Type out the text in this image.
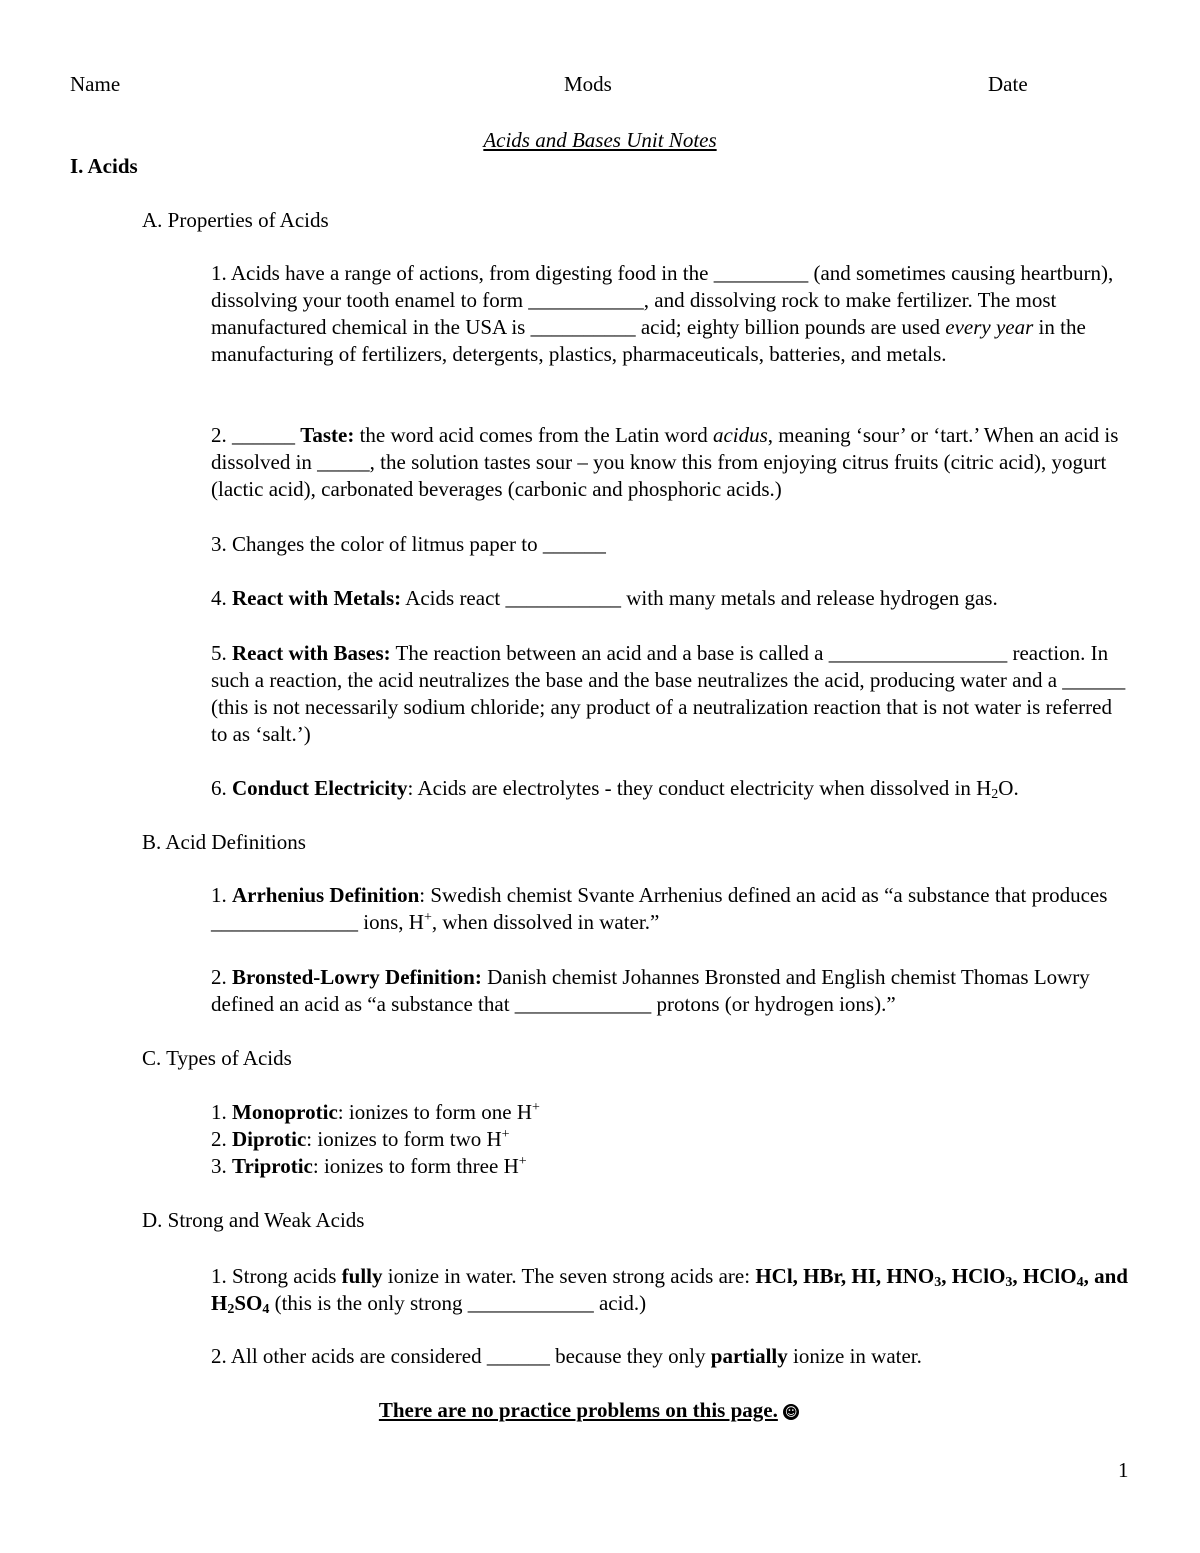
Name	Mods	Date
Acids and Bases Unit Notes
I. Acids
A. Properties of Acids
1. Acids have a range of actions, from digesting food in the _________ (and sometimes causing heartburn), dissolving your tooth enamel to form ___________, and dissolving rock to make fertilizer. The most manufactured chemical in the USA is __________ acid; eighty billion pounds are used every year in the manufacturing of fertilizers, detergents, plastics, pharmaceuticals, batteries, and metals.
2. ______ Taste: the word acid comes from the Latin word acidus, meaning ‘sour’ or ‘tart.’ When an acid is dissolved in _____, the solution tastes sour – you know this from enjoying citrus fruits (citric acid), yogurt (lactic acid), carbonated beverages (carbonic and phosphoric acids.)
3. Changes the color of litmus paper to ______
4. React with Metals: Acids react ___________ with many metals and release hydrogen gas.
5. React with Bases: The reaction between an acid and a base is called a _________________ reaction. In such a reaction, the acid neutralizes the base and the base neutralizes the acid, producing water and a ______ (this is not necessarily sodium chloride; any product of a neutralization reaction that is not water is referred to as ‘salt.’)
6. Conduct Electricity: Acids are electrolytes - they conduct electricity when dissolved in $H_2O$.
B. Acid Definitions
1. Arrhenius Definition: Swedish chemist Svante Arrhenius defined an acid as “a substance that produces ______________ ions, H+, when dissolved in water.”
2. Bronsted-Lowry Definition: Danish chemist Johannes Bronsted and English chemist Thomas Lowry defined an acid as “a substance that _____________ protons (or hydrogen ions).”
C. Types of Acids
1. Monoprotic: ionizes to form one H+
2. Diprotic: ionizes to form two H+
3. Triprotic: ionizes to form three H+
D. Strong and Weak Acids
1. Strong acids fully ionize in water. The seven strong acids are: HCl, HBr, HI, $HNO_3$, HClO$_3$, HClO$_4$, and $H_2SO_4$ (this is the only strong ____________ acid.)
2. All other acids are considered ______ because they only partially ionize in water.
There are no practice problems on this page. ☺
1
